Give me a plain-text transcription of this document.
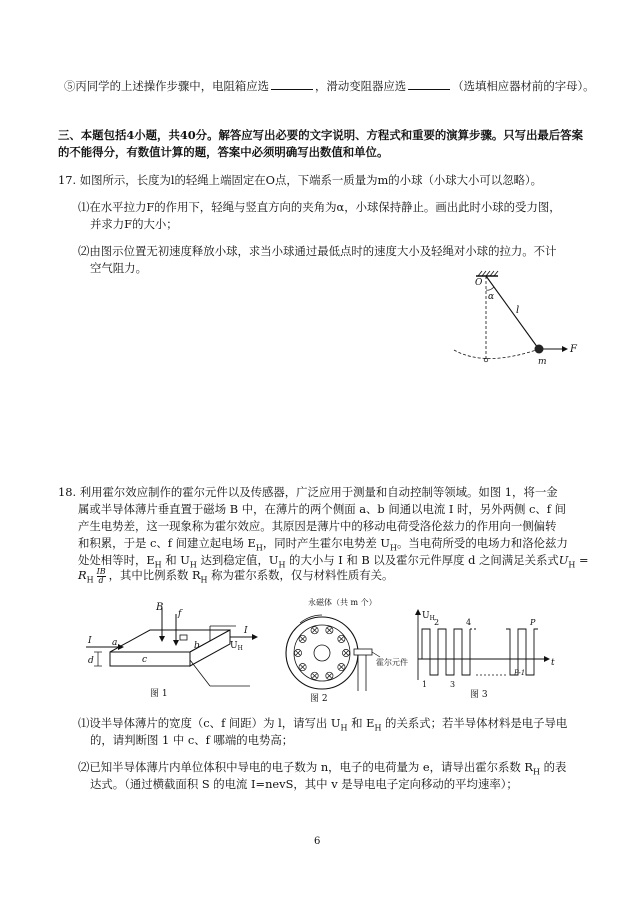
⑤丙同学的上述操作步骤中，电阻箱应选	，滑动变阻器应选	（选填相应器材前的字母）。
三、本题包括4小题，共40分。解答应写出必要的文字说明、方程式和重要的演算步骤。只写出最后答案
的不能得分，有数值计算的题，答案中必须明确写出数值和单位。
17. 如图所示，长度为l的轻绳上端固定在O点，下端系一质量为m的小球（小球大小可以忽略）。
⑴在水平拉力F的作用下，轻绳与竖直方向的夹角为α，小球保持静止。画出此时小球的受力图，
并求力F的大小；
⑵由图示位置无初速度释放小球，求当小球通过最低点时的速度大小及轻绳对小球的拉力。不计
空气阻力。
O
α
l
F
m
18. 利用霍尔效应制作的霍尔元件以及传感器，广泛应用于测量和自动控制等领域。如图 1，将一金
属或半导体薄片垂直置于磁场 B 中，在薄片的两个侧面 a、b 间通以电流 I 时，另外两侧 c、f 间
产生电势差，这一现象称为霍尔效应。其原因是薄片中的移动电荷受洛伦兹力的作用向一侧偏转
和积累，于是 c、f 间建立起电场 $E_H$，同时产生霍尔电势差 $U_H$。当电荷所受的电场力和洛伦兹力
处处相等时，$E_H$ 和 $U_H$ 达到稳定值，$U_H$ 的大小与 I 和 B 以及霍尔元件厚度 d 之间满足关系式$U_H$ =
$R_H \frac{IB}{d}$ ，其中比例系数 $R_H$ 称为霍尔系数，仅与材料性质有关。
B
f
I a
d	c
b
I
$U_H$
图 1
永磁体（共 m 个）
霍尔元件
图 2
$U_H$
t
1
2
3
4	P
P-1
图 3
⑴设半导体薄片的宽度（c、f 间距）为 l，请写出 $U_H$ 和 $E_H$ 的关系式；若半导体材料是电子导电
的，请判断图 1 中 c、f 哪端的电势高；
⑵已知半导体薄片内单位体积中导电的电子数为 n，电子的电荷量为 e，请导出霍尔系数 $R_H$ 的表
达式。（通过横截面积 S 的电流 I=nevS，其中 v 是导电电子定向移动的平均速率）；
6
